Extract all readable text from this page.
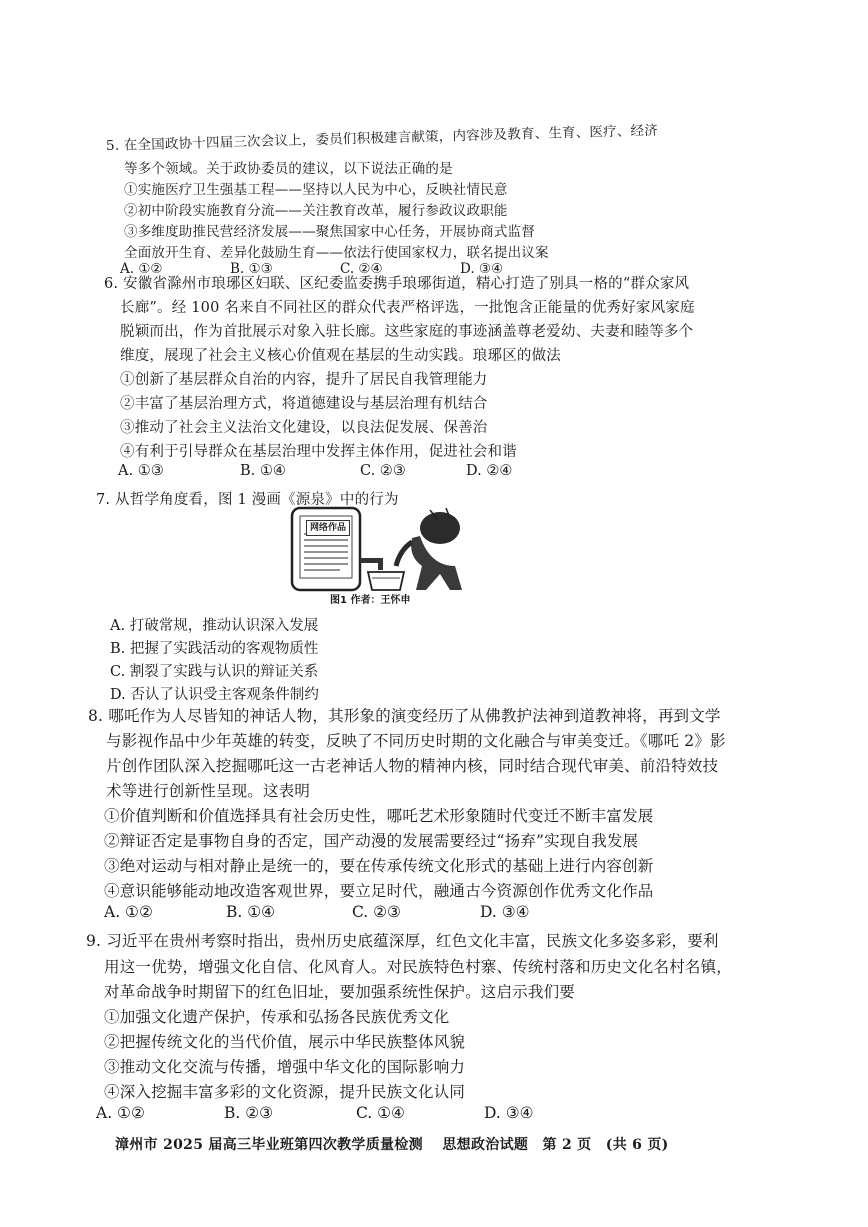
5. 在全国政协十四届三次会议上，委员们积极建言献策，内容涉及教育、生育、医疗、经济
等多个领域。关于政协委员的建议，以下说法正确的是
①实施医疗卫生强基工程——坚持以人民为中心，反映社情民意
②初中阶段实施教育分流——关注教育改革，履行参政议政职能
③多维度助推民营经济发展——聚焦国家中心任务，开展协商式监督
全面放开生育、差异化鼓励生育——依法行使国家权力，联名提出议案
A. ①②	B. ①③	C. ②④	D. ③④
6. 安徽省滁州市琅琊区妇联、区纪委监委携手琅琊街道，精心打造了别具一格的“群众家风
长廊”。经 100 名来自不同社区的群众代表严格评选，一批饱含正能量的优秀好家风家庭
脱颖而出，作为首批展示对象入驻长廊。这些家庭的事迹涵盖尊老爱幼、夫妻和睦等多个
维度，展现了社会主义核心价值观在基层的生动实践。琅琊区的做法
①创新了基层群众自治的内容，提升了居民自我管理能力
②丰富了基层治理方式，将道德建设与基层治理有机结合
③推动了社会主义法治文化建设，以良法促发展、保善治
④有利于引导群众在基层治理中发挥主体作用，促进社会和谐
A. ①③	B. ①④	C. ②③	D. ②④
7. 从哲学角度看，图 1 漫画《源泉》中的行为
网络作品
图1 作者：王怀申
A. 打破常规，推动认识深入发展
B. 把握了实践活动的客观物质性
C. 割裂了实践与认识的辩证关系
D. 否认了认识受主客观条件制约
8. 哪吒作为人尽皆知的神话人物，其形象的演变经历了从佛教护法神到道教神将，再到文学
与影视作品中少年英雄的转变，反映了不同历史时期的文化融合与审美变迁。《哪吒 2》影
片创作团队深入挖掘哪吒这一古老神话人物的精神内核，同时结合现代审美、前沿特效技
术等进行创新性呈现。这表明
①价值判断和价值选择具有社会历史性，哪吒艺术形象随时代变迁不断丰富发展
②辩证否定是事物自身的否定，国产动漫的发展需要经过“扬弃”实现自我发展
③绝对运动与相对静止是统一的，要在传承传统文化形式的基础上进行内容创新
④意识能够能动地改造客观世界，要立足时代，融通古今资源创作优秀文化作品
A. ①②	B. ①④	C. ②③	D. ③④
9. 习近平在贵州考察时指出，贵州历史底蕴深厚，红色文化丰富，民族文化多姿多彩，要利
用这一优势，增强文化自信、化风育人。对民族特色村寨、传统村落和历史文化名村名镇，
对革命战争时期留下的红色旧址，要加强系统性保护。这启示我们要
①加强文化遗产保护，传承和弘扬各民族优秀文化
②把握传统文化的当代价值，展示中华民族整体风貌
③推动文化交流与传播，增强中华文化的国际影响力
④深入挖掘丰富多彩的文化资源，提升民族文化认同
A. ①②	B. ②③	C. ①④	D. ③④
漳州市 2025 届高三毕业班第四次教学质量检测　 思想政治试题　第 2 页　(共 6 页)
